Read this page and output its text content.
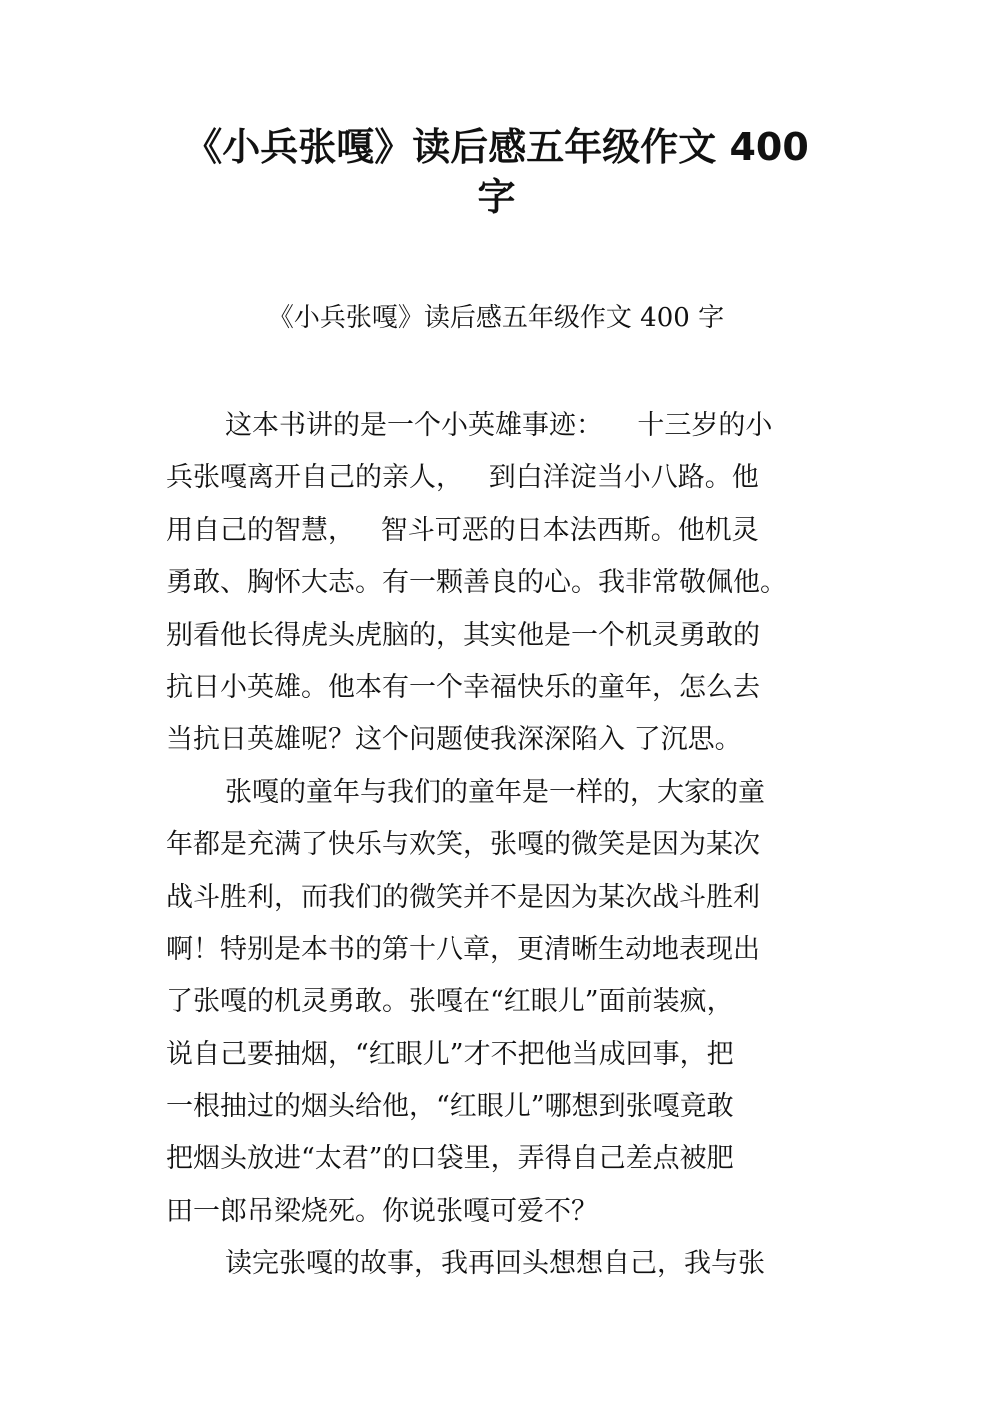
《小兵张嘎》读后感五年级作文 400
字

《小兵张嘎》读后感五年级作文 400 字

这本书讲的是一个小英雄事迹：    十三岁的小

兵张嘎离开自己的亲人，   到白洋淀当小八路。他

用自己的智慧，   智斗可恶的日本法西斯。他机灵

勇敢、胸怀大志。有一颗善良的心。我非常敬佩他。

别看他长得虎头虎脑的，其实他是一个机灵勇敢的

抗日小英雄。他本有一个幸福快乐的童年，怎么去

当抗日英雄呢？这个问题使我深深陷入 了沉思。

张嘎的童年与我们的童年是一样的，大家的童

年都是充满了快乐与欢笑，张嘎的微笑是因为某次

战斗胜利，而我们的微笑并不是因为某次战斗胜利

啊！特别是本书的第十八章，更清晰生动地表现出

了张嘎的机灵勇敢。张嘎在“红眼儿”面前装疯，

说自己要抽烟，“红眼儿”才不把他当成回事，把

一根抽过的烟头给他，“红眼儿”哪想到张嘎竟敢

把烟头放进“太君”的口袋里，弄得自己差点被肥

田一郎吊梁烧死。你说张嘎可爱不？

读完张嘎的故事，我再回头想想自己，我与张
